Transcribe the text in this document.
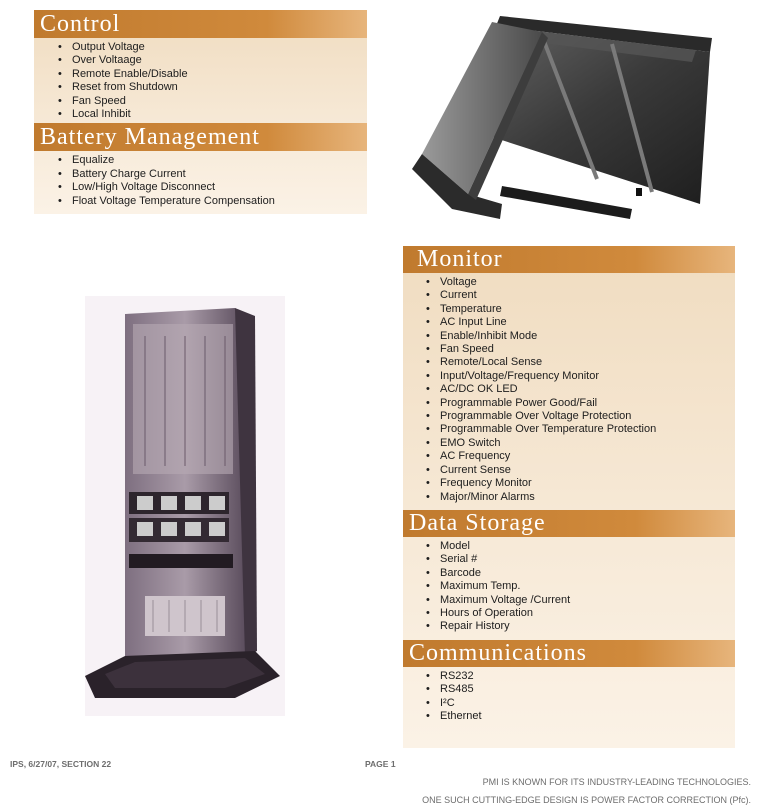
Control
• Output Voltage
• Over Voltaage
• Remote Enable/Disable
• Reset from Shutdown
• Fan Speed
• Local Inhibit
Battery Management
• Equalize
• Battery Charge Current
• Low/High Voltage Disconnect
• Float Voltage Temperature Compensation
Monitor
• Voltage
• Current
• Temperature
• AC Input Line
• Enable/Inhibit Mode
• Fan Speed
• Remote/Local Sense
• Input/Voltage/Frequency Monitor
• AC/DC OK LED
• Programmable Power Good/Fail
• Programmable Over Voltage Protection
• Programmable Over Temperature Protection
• EMO Switch
• AC Frequency
• Current Sense
• Frequency Monitor
• Major/Minor Alarms
Data Storage
• Model
• Serial #
• Barcode
• Maximum Temp.
• Maximum Voltage /Current
• Hours of Operation
• Repair History
Communications
• RS232
• RS485
• I²C
• Ethernet
IPS, 6/27/07, SECTION 22	PAGE 1
PMI IS KNOWN FOR ITS INDUSTRY-LEADING TECHNOLOGIES.
ONE SUCH CUTTING-EDGE DESIGN IS POWER FACTOR CORRECTION (Pfc).
